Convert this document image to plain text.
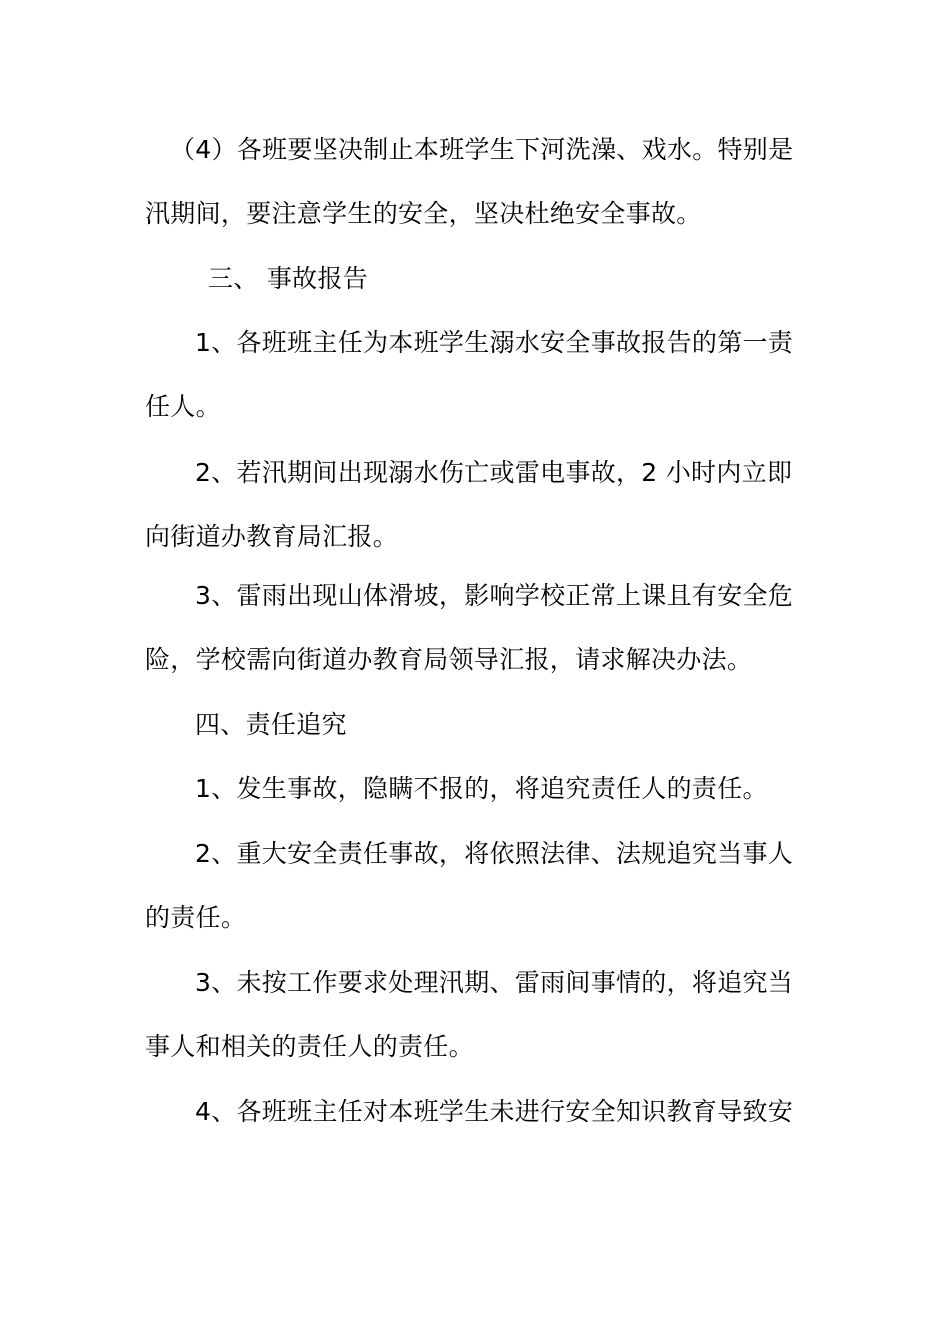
（4）各班要坚决制止本班学生下河洗澡、戏水。特别是
汛期间，要注意学生的安全，坚决杜绝安全事故。
三、 事故报告
1、各班班主任为本班学生溺水安全事故报告的第一责
任人。
2、若汛期间出现溺水伤亡或雷电事故，2 小时内立即
向街道办教育局汇报。
3、雷雨出现山体滑坡，影响学校正常上课且有安全危
险，学校需向街道办教育局领导汇报，请求解决办法。
四、责任追究
1、发生事故，隐瞒不报的，将追究责任人的责任。
2、重大安全责任事故，将依照法律、法规追究当事人
的责任。
3、未按工作要求处理汛期、雷雨间事情的，将追究当
事人和相关的责任人的责任。
4、各班班主任对本班学生未进行安全知识教育导致安
